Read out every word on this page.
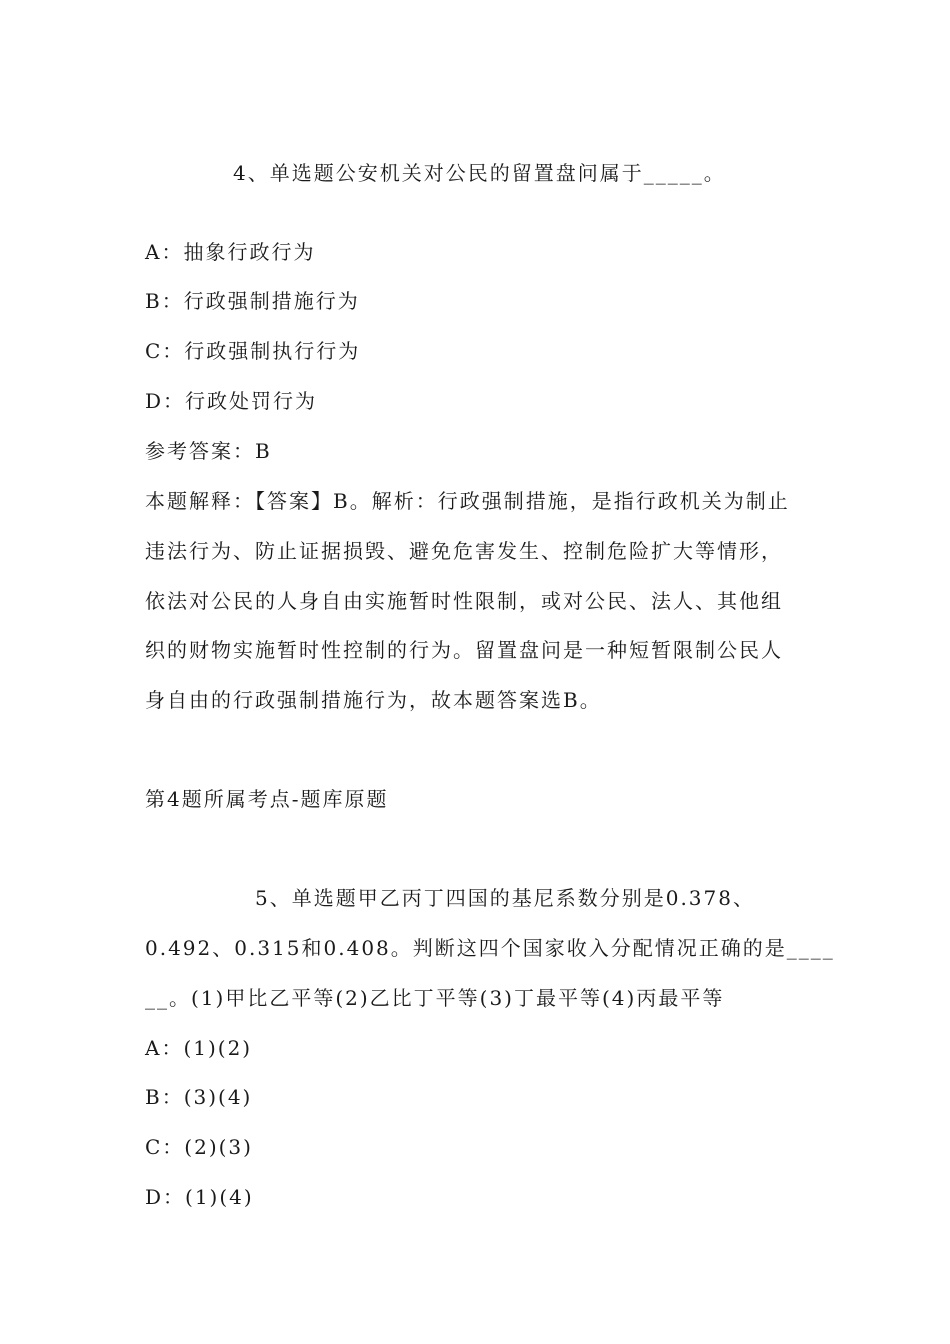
4、单选题公安机关对公民的留置盘问属于_____。
A：抽象行政行为
B：行政强制措施行为
C：行政强制执行行为
D：行政处罚行为
参考答案：B
本题解释：【答案】B。解析：行政强制措施，是指行政机关为制止
违法行为、防止证据损毁、避免危害发生、控制危险扩大等情形，
依法对公民的人身自由实施暂时性限制，或对公民、法人、其他组
织的财物实施暂时性控制的行为。留置盘问是一种短暂限制公民人
身自由的行政强制措施行为，故本题答案选B。
第4题所属考点-题库原题
5、单选题甲乙丙丁四国的基尼系数分别是0.378、
0.492、0.315和0.408。判断这四个国家收入分配情况正确的是____
__。(1)甲比乙平等(2)乙比丁平等(3)丁最平等(4)丙最平等
A：(1)(2)
B：(3)(4)
C：(2)(3)
D：(1)(4)
